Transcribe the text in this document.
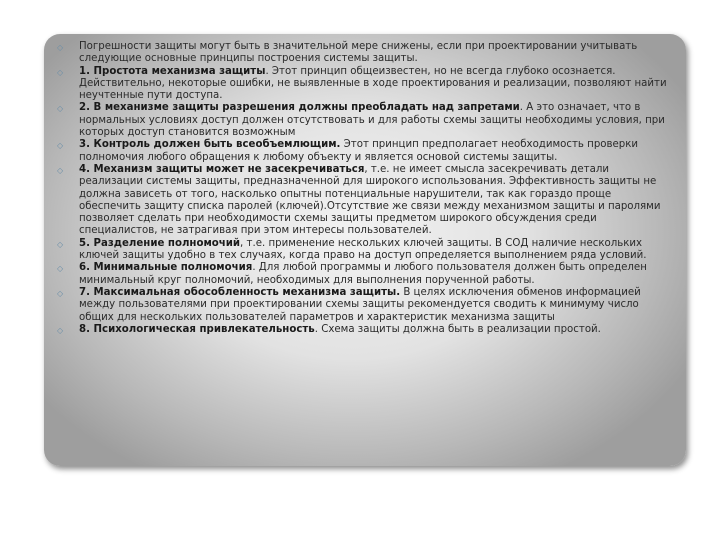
◇ Погрешности защиты могут быть в значительной мере снижены, если при проектировании учитывать следующие основные принципы построения системы защиты.
◇ 1. Простота механизма защиты. Этот принцип общеизвестен, но не всегда глубоко осознается. Действительно, некоторые ошибки, не выявленные в ходе проектирования и реализации, позволяют найти неучтенные пути доступа.
◇ 2. В механизме защиты разрешения должны преобладать над запретами. А это означает, что в нормальных условиях доступ должен отсутствовать и для работы схемы защиты необходимы условия, при которых доступ становится возможным
◇ 3. Контроль должен быть всеобъемлющим. Этот принцип предполагает необходимость проверки полномочия любого обращения к любому объекту и является основой системы защиты.
◇ 4. Механизм защиты может не засекречиваться, т.е. не имеет смысла засекречивать детали реализации системы защиты, предназначенной для широкого использования. Эффективность защиты не должна зависеть от того, насколько опытны потенциальные нарушители, так как гораздо проще обеспечить защиту списка паролей (ключей).Отсутствие же связи между механизмом защиты и паролями позволяет сделать при необходимости схемы защиты предметом широкого обсуждения среди специалистов, не затрагивая при этом интересы пользователей.
◇ 5. Разделение полномочий, т.е. применение нескольких ключей защиты. В СОД наличие нескольких ключей защиты удобно в тех случаях, когда право на доступ определяется выполнением ряда условий.
◇ 6. Минимальные полномочия. Для любой программы и любого пользователя должен быть определен минимальный круг полномочий, необходимых для выполнения порученной работы.
◇ 7. Максимальная обособленность механизма защиты. В целях исключения обменов информацией между пользователями при проектировании схемы защиты рекомендуется сводить к минимуму число общих для нескольких пользователей параметров и характеристик механизма защиты
◇ 8. Психологическая привлекательность. Схема защиты должна быть в реализации простой.
